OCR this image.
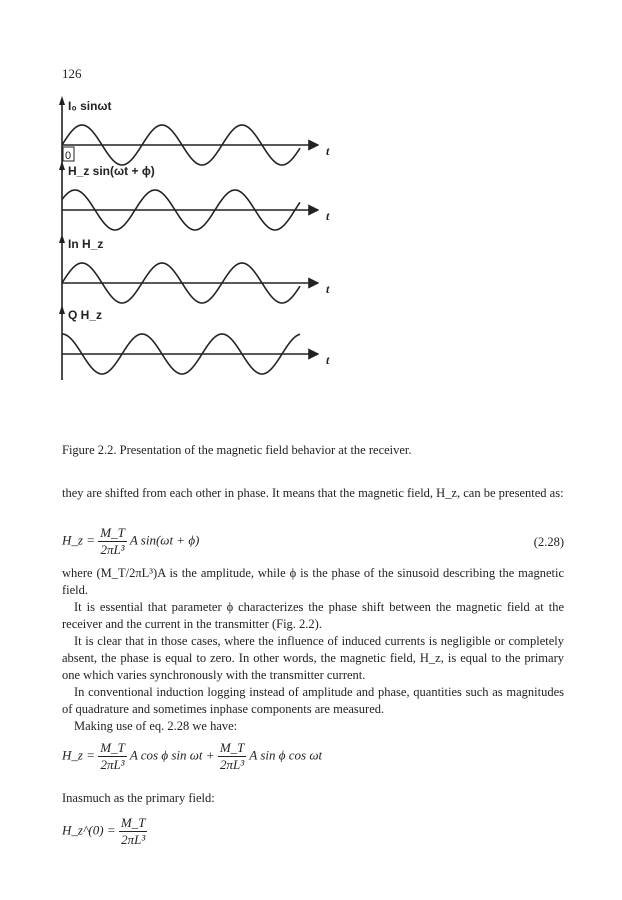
126
I₀ sinωt
t
0
H_z sin(ωt + ϕ)
t
In H_z
t
Q H_z
t
Figure 2.2. Presentation of the magnetic field behavior at the receiver.
they are shifted from each other in phase. It means that the magnetic field, H_z, can be presented as:
H_z = $\frac{M\_T}{\text{2πL³}}$ A sin(ωt + ϕ)	(2.28)
where (M_T/2πL³)A is the amplitude, while ϕ is the phase of the sinusoid describing the magnetic field.
It is essential that parameter ϕ characterizes the phase shift between the magnetic field at the receiver and the current in the transmitter (Fig. 2.2).
It is clear that in those cases, where the influence of induced currents is negligible or completely absent, the phase is equal to zero. In other words, the magnetic field, H_z, is equal to the primary one which varies synchronously with the transmitter current.
In conventional induction logging instead of amplitude and phase, quantities such as magnitudes of quadrature and sometimes inphase components are measured.
Making use of eq. 2.28 we have:
H_z = $\frac{M\_T}{\text{2πL³}}$ A cos ϕ $\sin \omega t + \frac{M\_T}{\text{2πL³}}$ A sin ϕ cos ωt
Inasmuch as the primary field:
H_z^(0) = $\frac{M\_T}{\text{2πL³}}$
